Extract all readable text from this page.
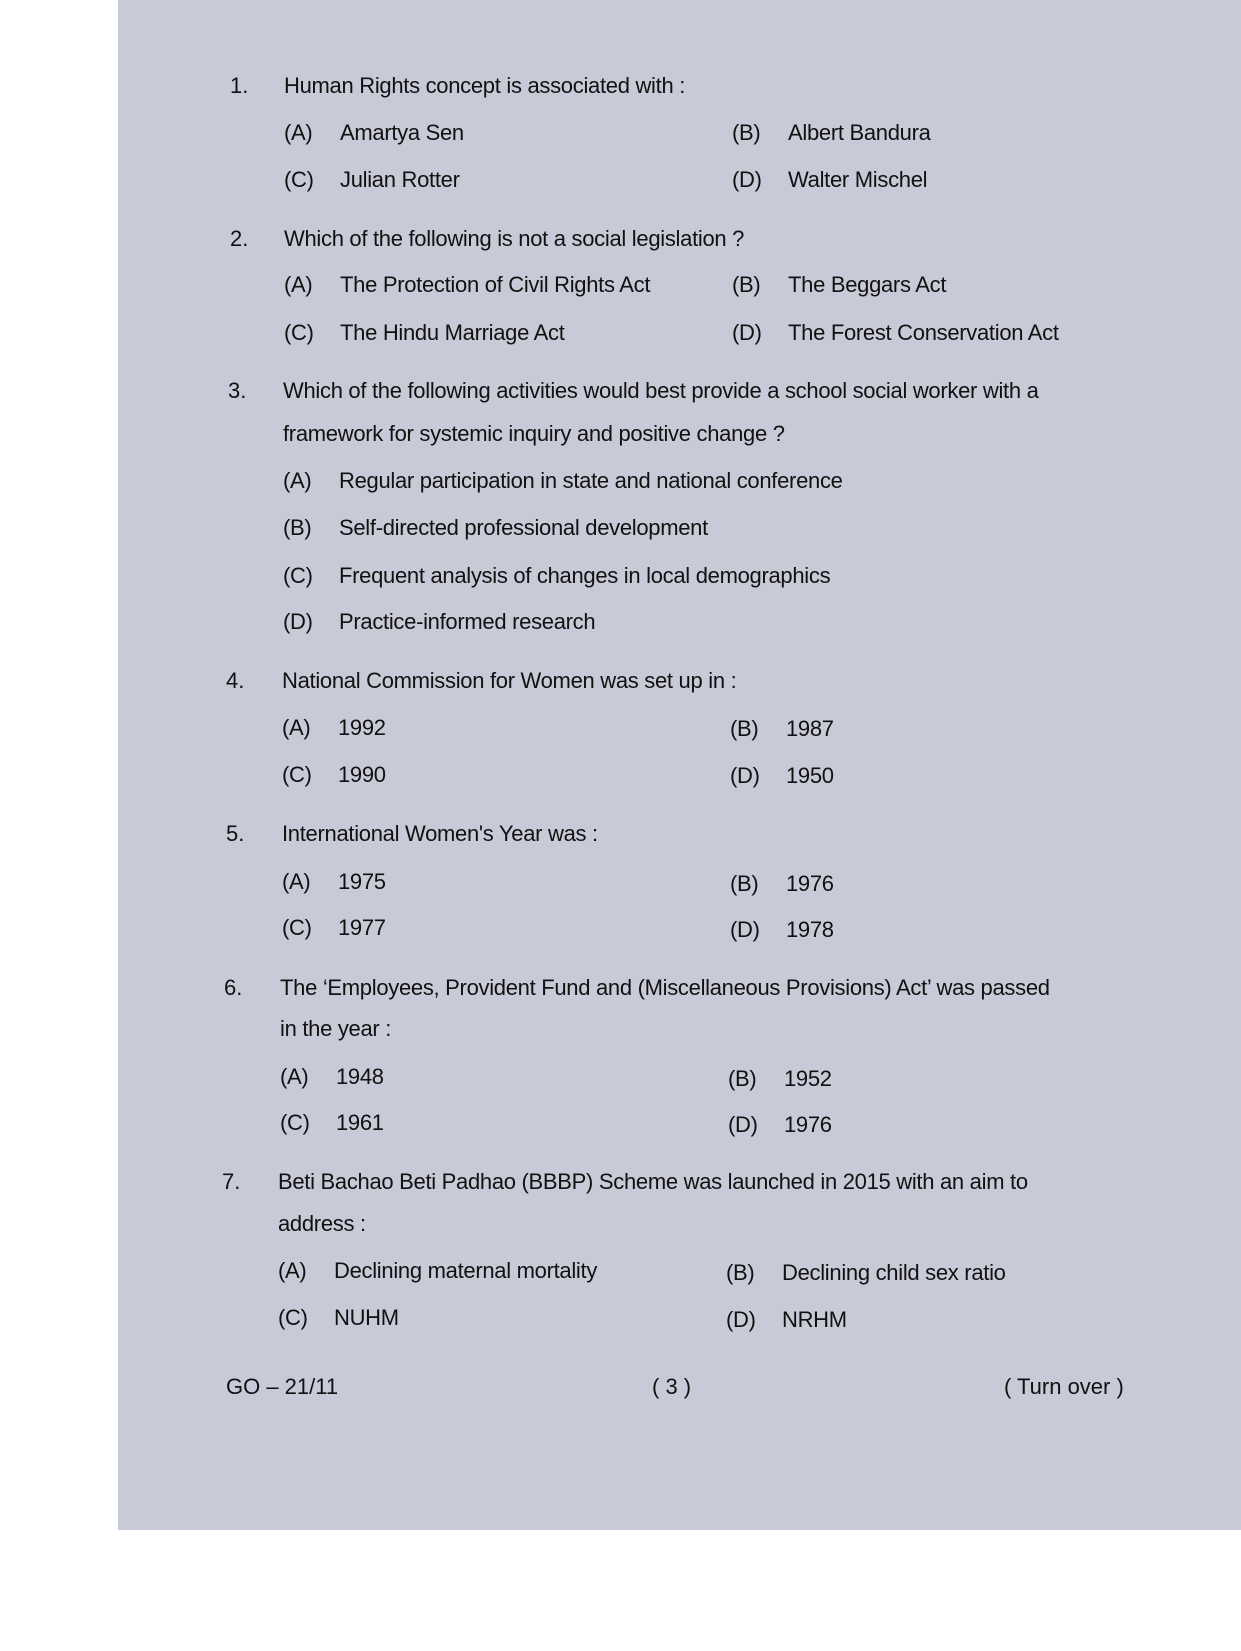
1. Human Rights concept is associated with :
(A) Amartya Sen	(B) Albert Bandura
(C) Julian Rotter	(D) Walter Mischel
2. Which of the following is not a social legislation ?
(A) The Protection of Civil Rights Act	(B) The Beggars Act
(C) The Hindu Marriage Act	(D) The Forest Conservation Act
3. Which of the following activities would best provide a school social worker with a
framework for systemic inquiry and positive change ?
(A) Regular participation in state and national conference
(B) Self-directed professional development
(C) Frequent analysis of changes in local demographics
(D) Practice-informed research
4. National Commission for Women was set up in :
(A) 1992	(B) 1987
(C) 1990	(D) 1950
5. International Women's Year was :
(A) 1975	(B) 1976
(C) 1977	(D) 1978
6. The ‘Employees, Provident Fund and (Miscellaneous Provisions) Act’ was passed
in the year :
(A) 1948	(B) 1952
(C) 1961	(D) 1976
7. Beti Bachao Beti Padhao (BBBP) Scheme was launched in 2015 with an aim to
address :
(A) Declining maternal mortality	(B) Declining child sex ratio
(C) NUHM	(D) NRHM
GO – 21/11	( 3 )	( Turn over )
